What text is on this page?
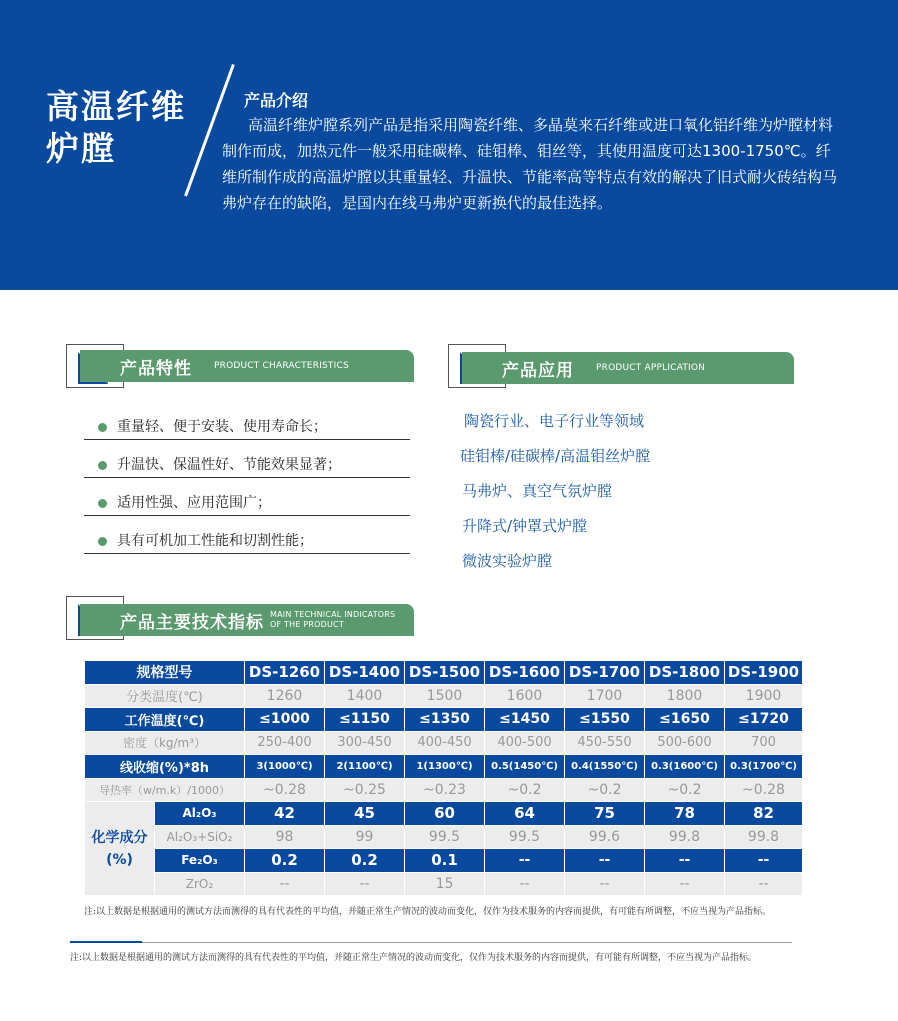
高温纤维
炉膛
产品介绍
高温纤维炉膛系列产品是指采用陶瓷纤维、多晶莫来石纤维或进口氧化铝纤维为炉膛材料制作而成，加热元件一般采用硅碳棒、硅钼棒、钼丝等，其使用温度可达1300-1750℃。纤维所制作成的高温炉膛以其重量轻、升温快、节能率高等特点有效的解决了旧式耐火砖结构马弗炉存在的缺陷，是国内在线马弗炉更新换代的最佳选择。
产品特性 PRODUCT CHARACTERISTICS	产品应用 PRODUCT APPLICATION
重量轻、便于安装、使用寿命长；
升温快、保温性好、节能效果显著；
适用性强、应用范围广；
具有可机加工性能和切割性能；
陶瓷行业、电子行业等领域
硅钼棒/硅碳棒/高温钼丝炉膛
马弗炉、真空气氛炉膛
升降式/钟罩式炉膛
微波实验炉膛
产品主要技术指标 MAIN TECHNICAL INDICATORS
OF THE PRODUCT
规格型号		DS-1260	DS-1400	DS-1500	DS-1600	DS-1700	DS-1800	DS-1900
分类温度(℃)		1260	1400	1500	1600	1700	1800	1900
工作温度(℃)		≤1000	≤1150	≤1350	≤1450	≤1550	≤1650	≤1720
密度（kg/m³）		250-400	300-450	400-450	400-500	450-550	500-600	700
线收缩(%)*8h		3(1000℃)	2(1100℃)	1(1300℃)	0.5(1450℃)	0.4(1550℃)	0.3(1600℃)	0.3(1700℃)
导热率（w/m.k）/1000）		~0.28	~0.25	~0.23	~0.2	~0.2	~0.2	~0.28
化学成分(%)	Al₂O₃	42	45	60	64	75	78	82
	Al₂O₃+SiO₂	98	99	99.5	99.5	99.6	99.8	99.8
	Fe₂O₃	0.2	0.2	0.1	--	--	--	--
	ZrO₂	--	--	15	--	--	--	--
注:以上数据是根据通用的测试方法而测得的具有代表性的平均值，并随正常生产情况的波动而变化，仅作为技术服务的内容而提供，有可能有所调整，不应当视为产品指标。
注:以上数据是根据通用的测试方法而测得的具有代表性的平均值，并随正常生产情况的波动而变化，仅作为技术服务的内容而提供，有可能有所调整，不应当视为产品指标。
